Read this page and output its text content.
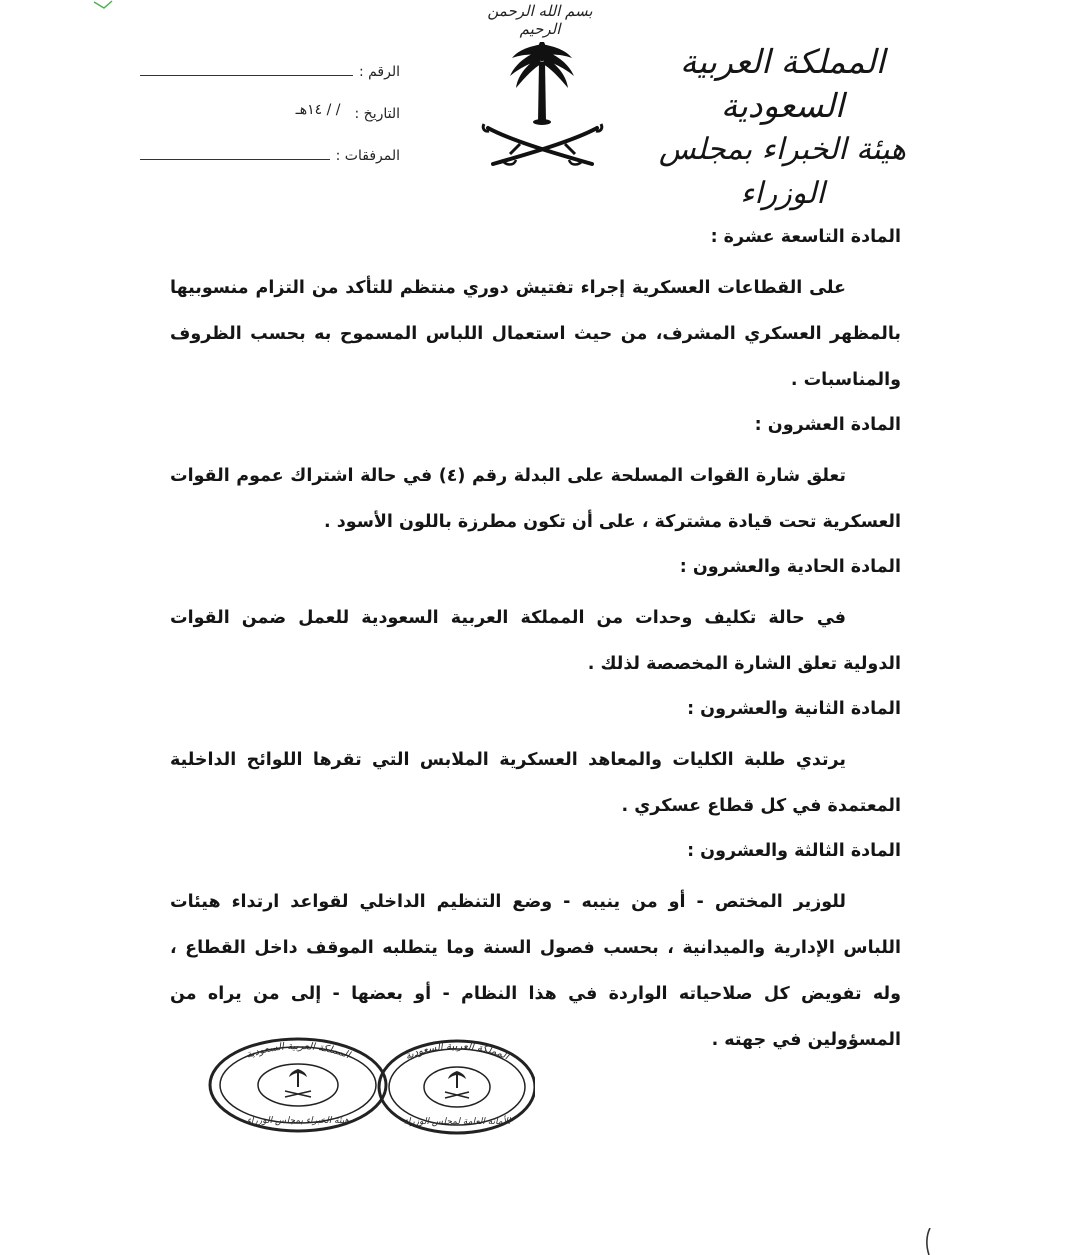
بسم الله الرحمن الرحيم
المملكة العربية السعودية
هيئة الخبراء بمجلس الوزراء
الرقم :
التاريخ :
/ / ١٤هـ
المرفقات :
المادة التاسعة عشرة :

على القطاعات العسكرية إجراء تفتيش دوري منتظم للتأكد من التزام منسوبيها بالمظهر العسكري المشرف، من حيث استعمال اللباس المسموح به بحسب الظروف والمناسبات .

المادة العشرون :

تعلق شارة القوات المسلحة على البدلة رقم (٤) في حالة اشتراك عموم القوات العسكرية تحت قيادة مشتركة ، على أن تكون مطرزة باللون الأسود .

المادة الحادية والعشرون :

في حالة تكليف وحدات من المملكة العربية السعودية للعمل ضمن القوات الدولية تعلق الشارة المخصصة لذلك .

المادة الثانية والعشرون :

يرتدي طلبة الكليات والمعاهد العسكرية الملابس التي تقرها اللوائح الداخلية المعتمدة في كل قطاع عسكري .

المادة الثالثة والعشرون :

للوزير المختص - أو من ينيبه - وضع التنظيم الداخلي لقواعد ارتداء هيئات اللباس الإدارية والميدانية ، بحسب فصول السنة وما يتطلبه الموقف داخل القطاع ، وله تفويض كل صلاحياته الواردة في هذا النظام - أو بعضها - إلى من يراه من المسؤولين في جهته .

المملكة العربية السعودية
هيئة الخبراء بمجلس الوزراء
المملكة العربية السعودية
الأمانة العامة لمجلس الوزراء
